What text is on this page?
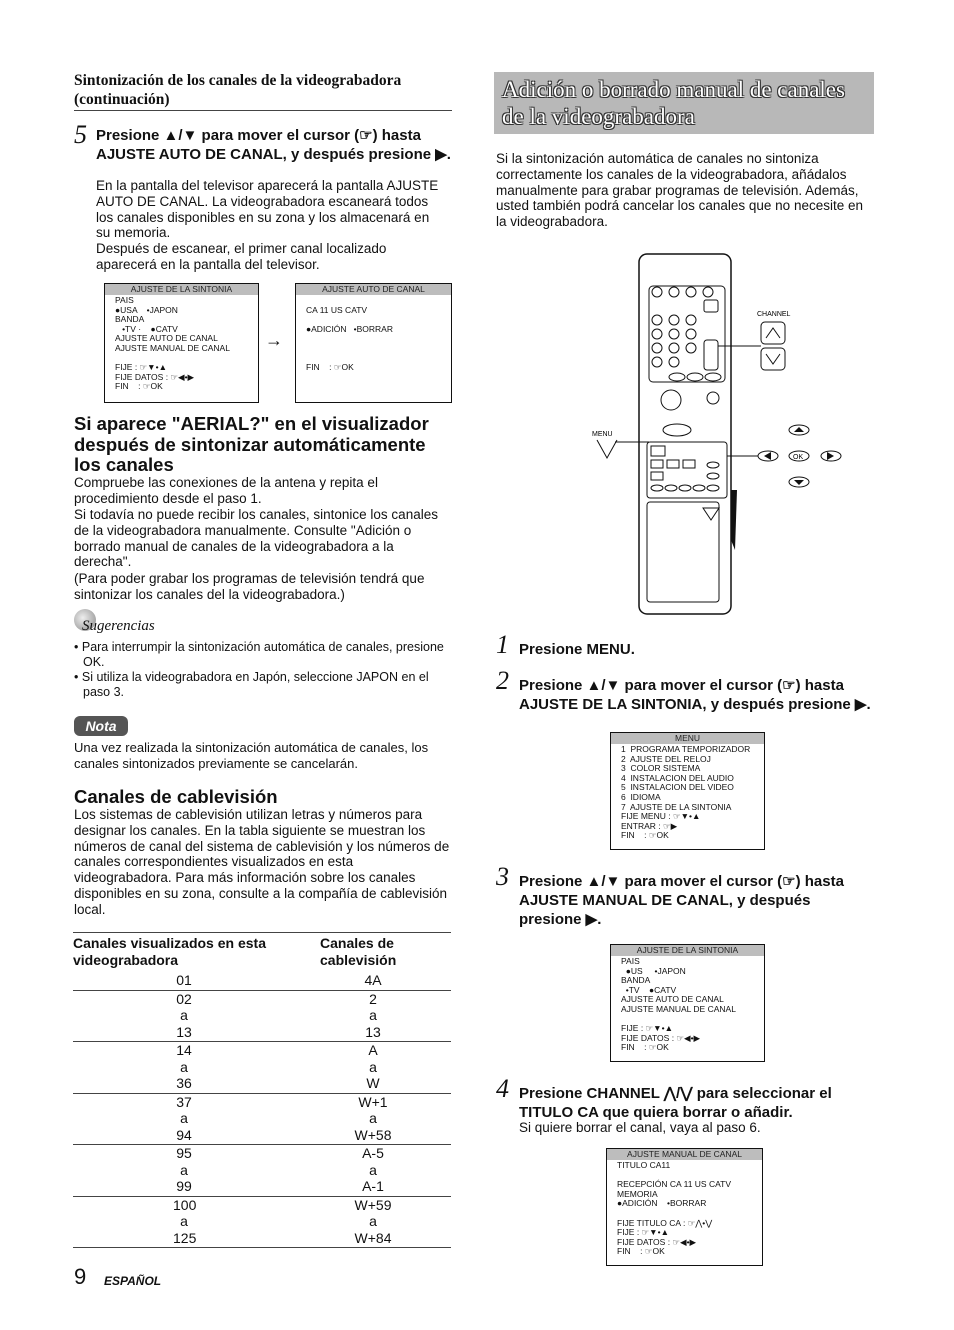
Sintonización de los canales de la videograbadora (continuación)
5 Presione ▲/▼ para mover el cursor (☞) hasta AJUSTE AUTO DE CANAL, y después presione ▶.
En la pantalla del televisor aparecerá la pantalla AJUSTE AUTO DE CANAL. La videograbadora escaneará todos los canales disponibles en su zona y los almacenará en su memoria.
Después de escanear, el primer canal localizado aparecerá en la pantalla del televisor.
AJUSTE DE LA SINTONIA
PAIS
●USA    •JAPON
BANDA
•TV ·    ●CATV
AJUSTE AUTO DE CANAL
AJUSTE MANUAL DE CANAL

FIJE : ☞▼•▲
FIJE DATOS : ☞◀•▶
FIN    : ☞OK
→
AJUSTE AUTO DE CANAL

CA 11 US CATV

●ADICIÓN   •BORRAR

FIN    : ☞OK
Si aparece "AERIAL?" en el visualizador después de sintonizar automáticamente los canales
Compruebe las conexiones de la antena y repita el procedimiento desde el paso 1.
Si todavía no puede recibir los canales, sintonice los canales de la videograbadora manualmente. Consulte "Adición o borrado manual de canales de la videograbadora a la derecha".
(Para poder grabar los programas de televisión tendrá que sintonizar los canales del la videograbadora.)
Sugerencias
• Para interrumpir la sintonización automática de canales, presione OK.
• Si utiliza la videograbadora en Japón, seleccione JAPON en el paso 3.
Nota
Una vez realizada la sintonización automática de canales, los canales sintonizados previamente se cancelarán.
Canales de cablevisión
Los sistemas de cablevisión utilizan letras y números para designar los canales. En la tabla siguiente se muestran los números de canal del sistema de cablevisión y los números de canales correspondientes visualizados en esta videograbadora. Para más información sobre los canales disponibles en su zona, consulte a la compañía de cablevisión local.
Canales visualizados en esta videograbadora
Canales de cablevisión
01	4A
02	2
a	a
13	13
14	A
a	a
36	W
37	W+1
a	a
94	W+58
95	A-5
a	a
99	A-1
100	W+59
a	a
125	W+84
9 ESPAÑOL
Adición o borrado manual de canales de la videograbadora
Si la sintonización automática de canales no sintoniza correctamente los canales de la videograbadora, añádalos manualmente para grabar programas de televisión. Además, usted también podrá cancelar los canales que no necesite en la videograbadora.
CHANNEL
MENU
OK
1 Presione MENU.
2 Presione ▲/▼ para mover el cursor (☞) hasta AJUSTE DE LA SINTONIA, y después presione ▶.
MENU
1  PROGRAMA TEMPORIZADOR
2  AJUSTE DEL RELOJ
3  COLOR SISTEMA
4  INSTALACION DEL AUDIO
5  INSTALACION DEL VIDEO
6  IDIOMA
7  AJUSTE DE LA SINTONIA
FIJE MENU : ☞▼•▲
ENTRAR : ☞▶
FIN    : ☞OK
3 Presione ▲/▼ para mover el cursor (☞) hasta AJUSTE MANUAL DE CANAL, y después presione ▶.
AJUSTE DE LA SINTONIA
PAIS
●US     •JAPON
BANDA
•TV    ●CATV
AJUSTE AUTO DE CANAL
AJUSTE MANUAL DE CANAL

FIJE : ☞▼•▲
FIJE DATOS : ☞◀•▶
FIN    : ☞OK
4 Presione CHANNEL ⋀/⋁ para seleccionar el TITULO CA que quiera borrar o añadir.
Si quiere borrar el canal, vaya al paso 6.
AJUSTE MANUAL DE CANAL
TITULO CA11

RECEPCIÓN CA 11 US CATV
MEMORIA
●ADICIÓN    •BORRAR

FIJE TITULO CA : ☞⋀•⋁
FIJE : ☞▼•▲
FIJE DATOS : ☞◀•▶
FIN    : ☞OK
